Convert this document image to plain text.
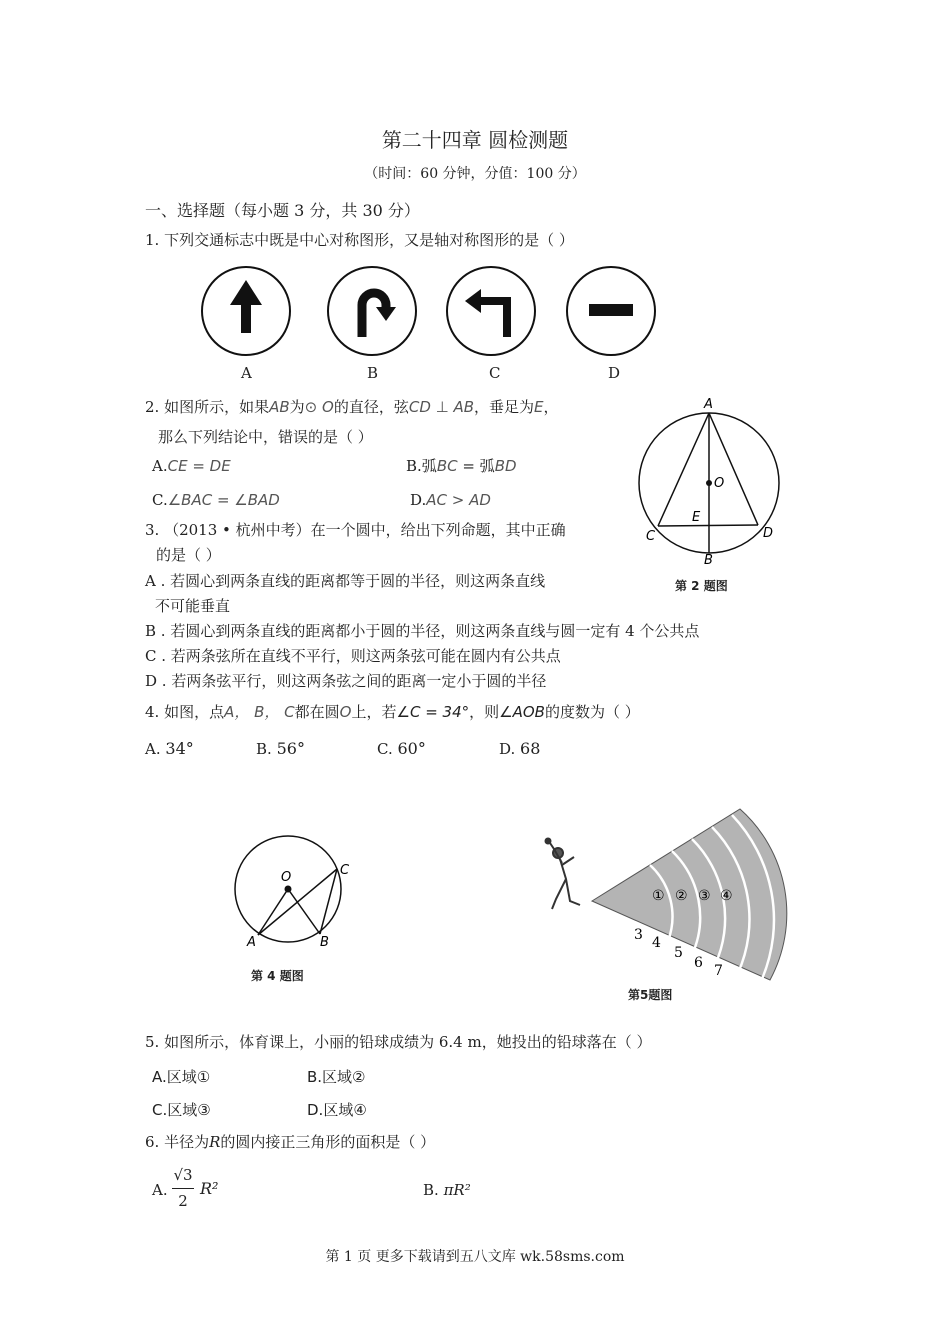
第二十四章 圆检测题
（时间：60 分钟，分值：100 分）
一、选择题（每小题 3 分，共 30 分）
1. 下列交通标志中既是中心对称图形，又是轴对称图形的是（ ）
A	B	C	D
2. 如图所示，如果AB为⊙ O的直径，弦CD ⊥ AB，垂足为E，
那么下列结论中，错误的是（ ）
A.CE = DE	B.弧BC = 弧BD
C.∠BAC = ∠BAD	D.AC > AD
A
O
E
C	D
B
第 2 题图
3. （2013 • 杭州中考）在一个圆中，给出下列命题，其中正确
的是（ ）
A . 若圆心到两条直线的距离都等于圆的半径，则这两条直线
不可能垂直
B . 若圆心到两条直线的距离都小于圆的半径，则这两条直线与圆一定有 4 个公共点
C . 若两条弦所在直线不平行，则这两条弦可能在圆内有公共点
D . 若两条弦平行，则这两条弦之间的距离一定小于圆的半径
4. 如图，点A， B， C都在圆O上，若∠C = 34°，则∠AOB的度数为（ ）
A. 34°	B. 56°	C. 60°	D. 68
O	C
A	B
第 4 题图
① ② ③ ④
3 4
5
6 7
第5题图
5. 如图所示，体育课上，小丽的铅球成绩为 6.4 m，她投出的铅球落在（ ）
A.区域①	B.区域②
C.区域③	D.区域④
6. 半径为R的圆内接正三角形的面积是（ ）
A.
√3
2
R²	B. πR²
第 1 页 更多下载请到五八文库 wk.58sms.com
